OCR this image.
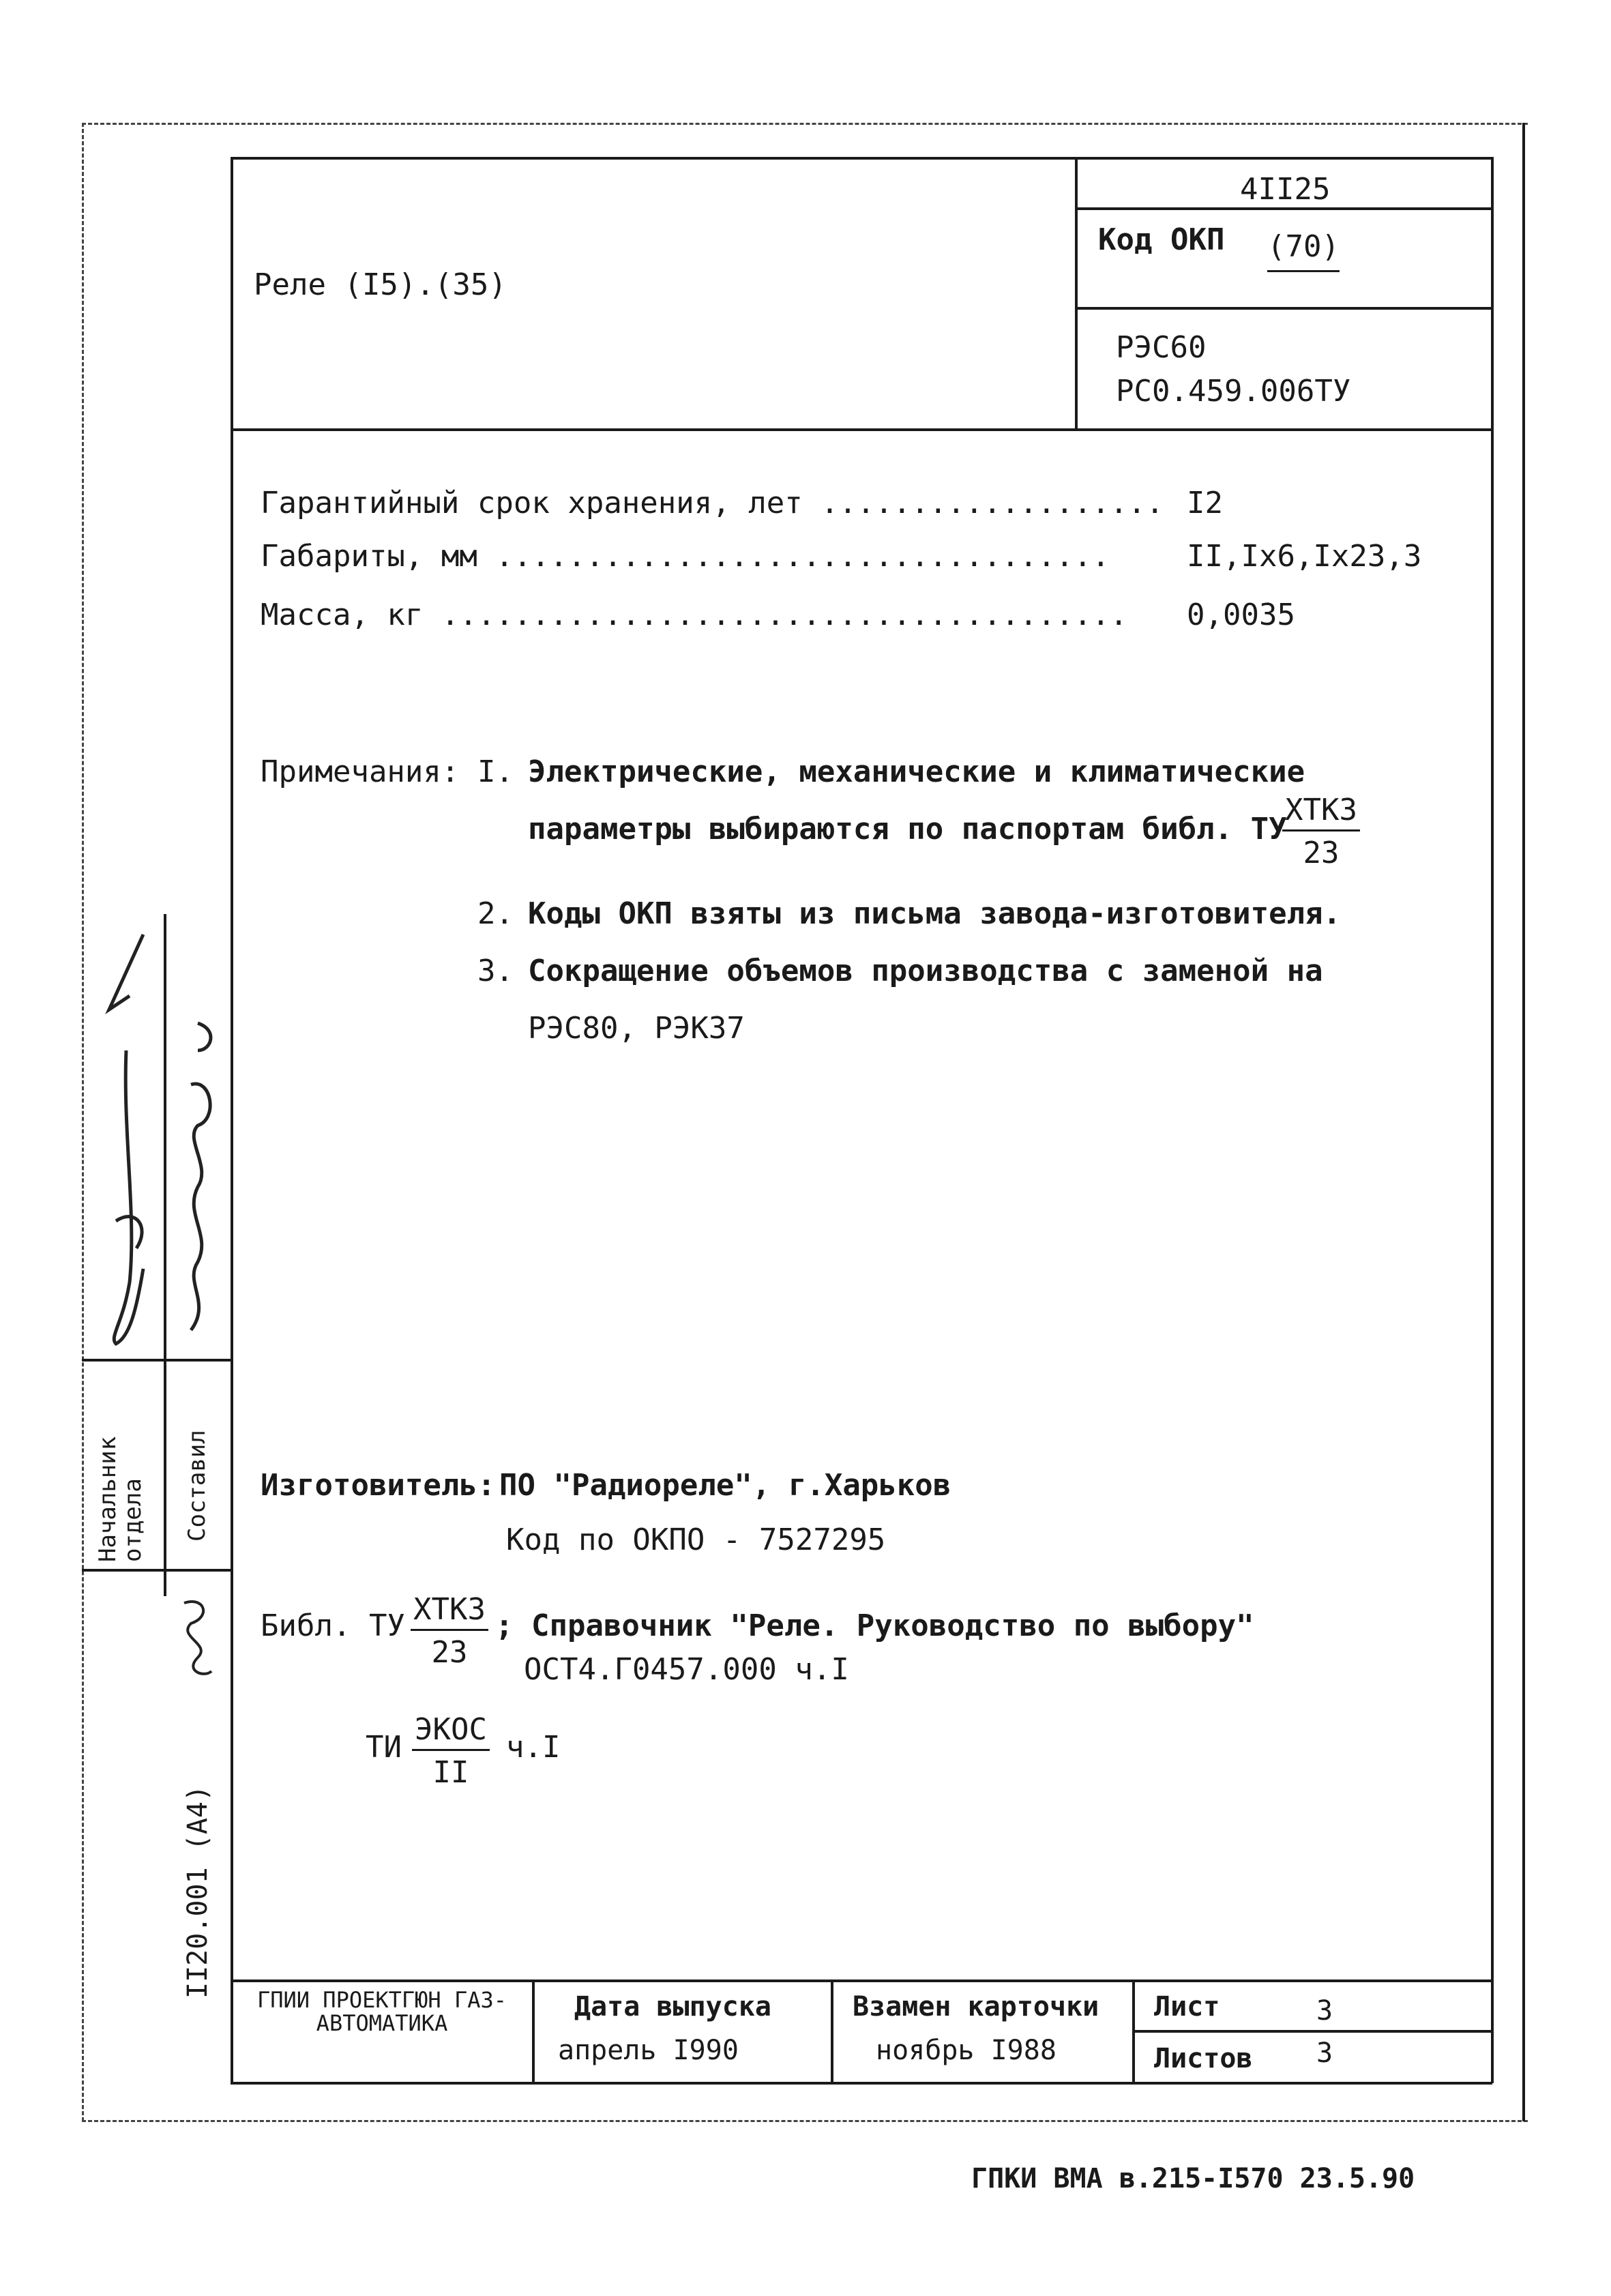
Реле (I5).(35)
4II25
Код ОКП (70)
РЭС60
РС0.459.006ТУ
Гарантийный срок хранения, лет ................... I2
Габариты, мм ..................................	II,Ix6,Ix23,3
Масса, кг ...................................... 0,0035
Примечания: I. Электрические, механические и климатические
параметры выбираются по паспортам библ. ТУ
ХТКЗ
23
2. Коды ОКП взяты из письма завода-изготовителя.
3. Сокращение объемов производства с заменой на
РЭС80, РЭК37
Изготовитель: ПО "Радиореле", г.Харьков
Код по ОКПО - 7527295
Библ. ТУ ХТКЗ
23
; Справочник "Реле. Руководство по выбору"
ОСТ4.Г0457.000 ч.I
ТИ
ЭКОС
II
ч.I
ГПИИ ПРОЕКТГЮН ГАЗ-АВТОМАТИКА
Дата выпуска
апрель I990
Взамен карточки
ноябрь I988
Лист	3
Листов 3
Начальник отдела Составил
II20.001 (А4)
ГПКИ ВМА в.215-I570 23.5.90
